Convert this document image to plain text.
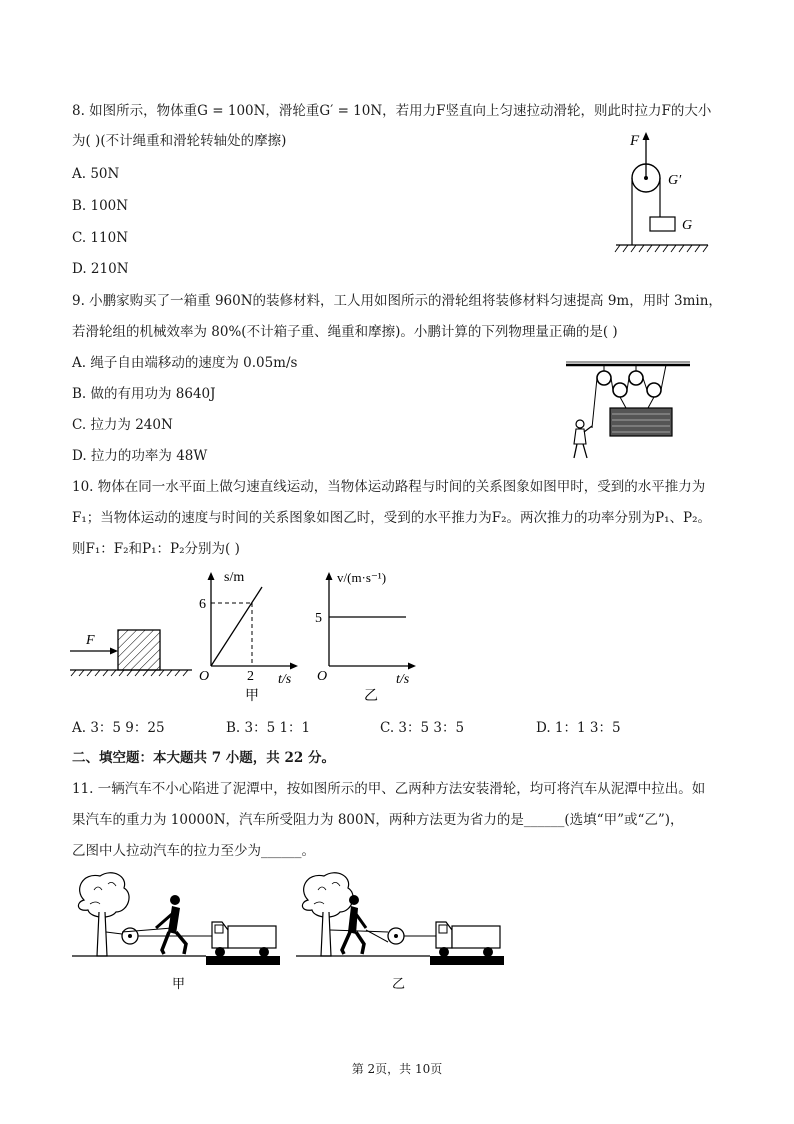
8. 如图所示，物体重G = 100N，滑轮重G′ = 10N，若用力F竖直向上匀速拉动滑轮，则此时拉力F的大小
为( )(不计绳重和滑轮转轴处的摩擦)
A. 50N
B. 100N
C. 110N
D. 210N
F
G′
G
9. 小鹏家购买了一箱重 960N的装修材料，工人用如图所示的滑轮组将装修材料匀速提高 9m，用时 3min，
若滑轮组的机械效率为 80%(不计箱子重、绳重和摩擦)。小鹏计算的下列物理量正确的是( )
A. 绳子自由端移动的速度为 0.05m/s
B. 做的有用功为 8640J
C. 拉力为 240N
D. 拉力的功率为 48W
10. 物体在同一水平面上做匀速直线运动，当物体运动路程与时间的关系图象如图甲时，受到的水平推力为
F₁；当物体运动的速度与时间的关系图象如图乙时，受到的水平推力为F₂。两次推力的功率分别为P₁、P₂。
则F₁：F₂和P₁：P₂分别为( )
F
s/m
t/s
O
6
2
甲
v/(m·s⁻¹)
t/s
O
5
乙
A. 3：5 9：25	B. 3：5 1：1	C. 3：5 3：5	D. 1：1 3：5
二、填空题：本大题共 7 小题，共 22 分。
11. 一辆汽车不小心陷进了泥潭中，按如图所示的甲、乙两种方法安装滑轮，均可将汽车从泥潭中拉出。如
果汽车的重力为 10000N，汽车所受阻力为 800N，两种方法更为省力的是______(选填“甲”或“乙”)，
乙图中人拉动汽车的拉力至少为______。
甲	乙
第 2页，共 10页
